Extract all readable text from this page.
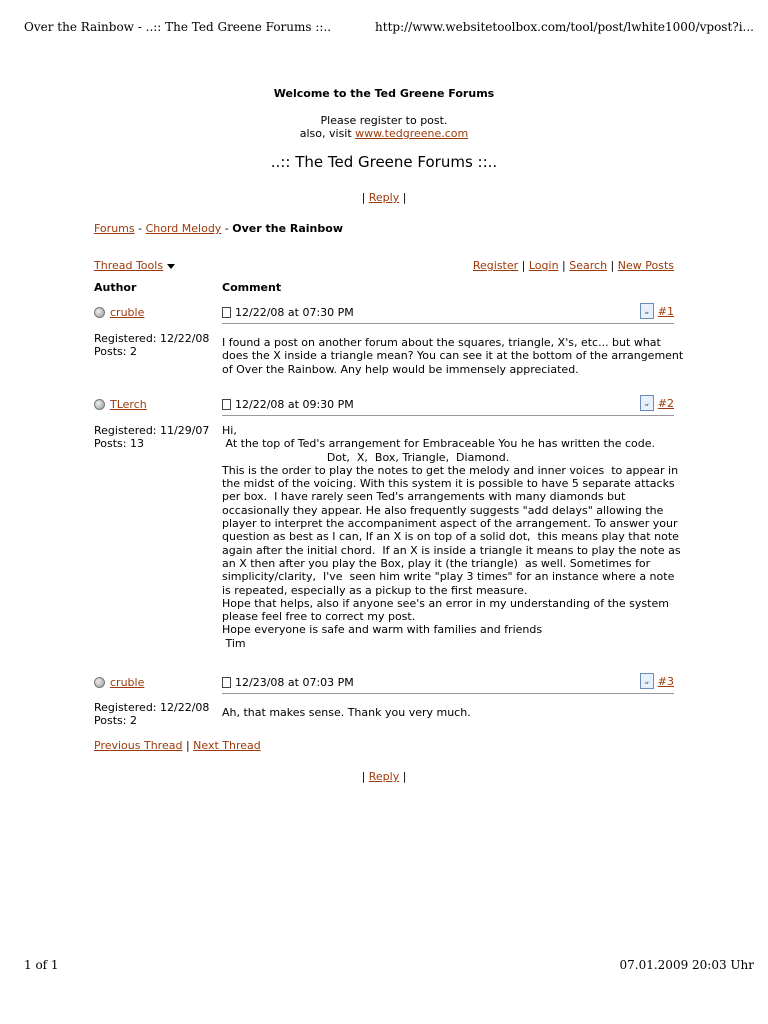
Over the Rainbow - ..:: The Ted Greene Forums ::..	http://www.websitetoolbox.com/tool/post/lwhite1000/vpost?i...
Welcome to the Ted Greene Forums
Please register to post.
also, visit www.tedgreene.com
..:: The Ted Greene Forums ::..
| Reply |
Forums - Chord Melody - Over the Rainbow
Thread Tools	Register | Login | Search | New Posts
Author	Comment
cruble	12/22/08 at 07:30 PM	„ #1
Registered: 12/22/08
Posts: 2
I found a post on another forum about the squares, triangle, X's, etc... but what
does the X inside a triangle mean? You can see it at the bottom of the arrangement
of Over the Rainbow. Any help would be immensely appreciated.
TLerch	12/22/08 at 09:30 PM	„ #2
Registered: 11/29/07
Posts: 13
Hi,
At the top of Ted's arrangement for Embraceable You he has written the code.
Dot,  X,  Box, Triangle,  Diamond.
This is the order to play the notes to get the melody and inner voices  to appear in
the midst of the voicing. With this system it is possible to have 5 separate attacks
per box.  I have rarely seen Ted's arrangements with many diamonds but
occasionally they appear. He also frequently suggests "add delays" allowing the
player to interpret the accompaniment aspect of the arrangement. To answer your
question as best as I can, If an X is on top of a solid dot,  this means play that note
again after the initial chord.  If an X is inside a triangle it means to play the note as
an X then after you play the Box, play it (the triangle)  as well. Sometimes for
simplicity/clarity,  I've  seen him write "play 3 times" for an instance where a note
is repeated, especially as a pickup to the first measure.
Hope that helps, also if anyone see's an error in my understanding of the system
please feel free to correct my post.
Hope everyone is safe and warm with families and friends
Tim
cruble	12/23/08 at 07:03 PM	„ #3
Registered: 12/22/08
Posts: 2
Ah, that makes sense. Thank you very much.
Previous Thread | Next Thread
| Reply |
1 of 1	07.01.2009 20:03 Uhr
